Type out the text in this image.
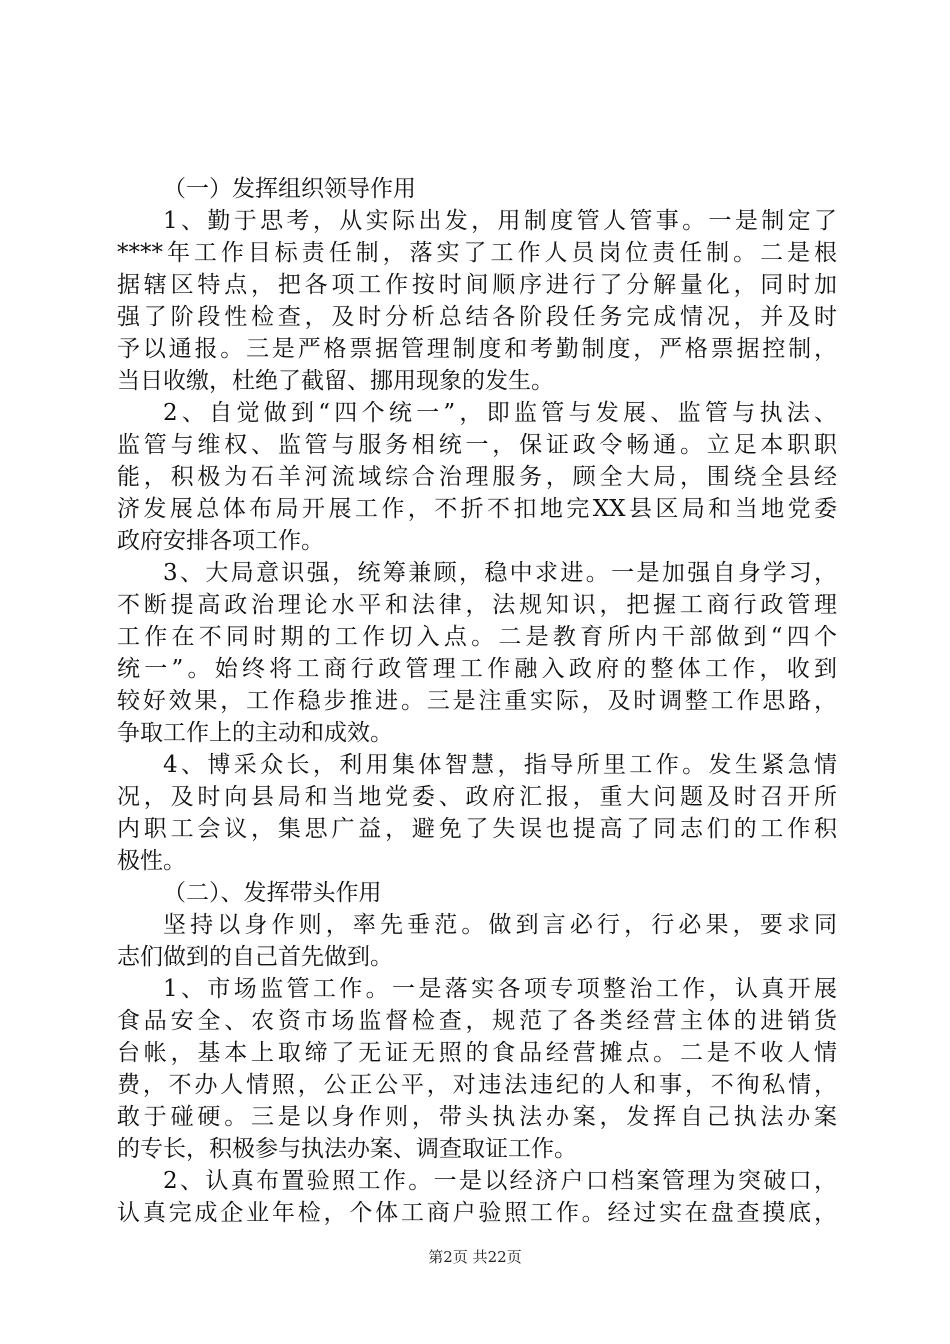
（一）发挥组织领导作用
1、勤于思考，从实际出发，用制度管人管事。一是制定了
****年工作目标责任制，落实了工作人员岗位责任制。二是根
据辖区特点，把各项工作按时间顺序进行了分解量化，同时加
强了阶段性检查，及时分析总结各阶段任务完成情况，并及时
予以通报。三是严格票据管理制度和考勤制度，严格票据控制，
当日收缴，杜绝了截留、挪用现象的发生。
2、自觉做到“四个统一”，即监管与发展、监管与执法、
监管与维权、监管与服务相统一，保证政令畅通。立足本职职
能，积极为石羊河流域综合治理服务，顾全大局，围绕全县经
济发展总体布局开展工作，不折不扣地完XX县区局和当地党委
政府安排各项工作。
3、大局意识强，统筹兼顾，稳中求进。一是加强自身学习，
不断提高政治理论水平和法律，法规知识，把握工商行政管理
工作在不同时期的工作切入点。二是教育所内干部做到“四个
统一”。始终将工商行政管理工作融入政府的整体工作，收到
较好效果，工作稳步推进。三是注重实际，及时调整工作思路，
争取工作上的主动和成效。
4、博采众长，利用集体智慧，指导所里工作。发生紧急情
况，及时向县局和当地党委、政府汇报，重大问题及时召开所
内职工会议，集思广益，避免了失误也提高了同志们的工作积
极性。
（二）、发挥带头作用
坚持以身作则，率先垂范。做到言必行，行必果，要求同
志们做到的自己首先做到。
1、市场监管工作。一是落实各项专项整治工作，认真开展
食品安全、农资市场监督检查，规范了各类经营主体的进销货
台帐，基本上取缔了无证无照的食品经营摊点。二是不收人情
费，不办人情照，公正公平，对违法违纪的人和事，不徇私情，
敢于碰硬。三是以身作则，带头执法办案，发挥自己执法办案
的专长，积极参与执法办案、调查取证工作。
2、认真布置验照工作。一是以经济户口档案管理为突破口，
认真完成企业年检，个体工商户验照工作。经过实在盘查摸底，
第2页 共22页
